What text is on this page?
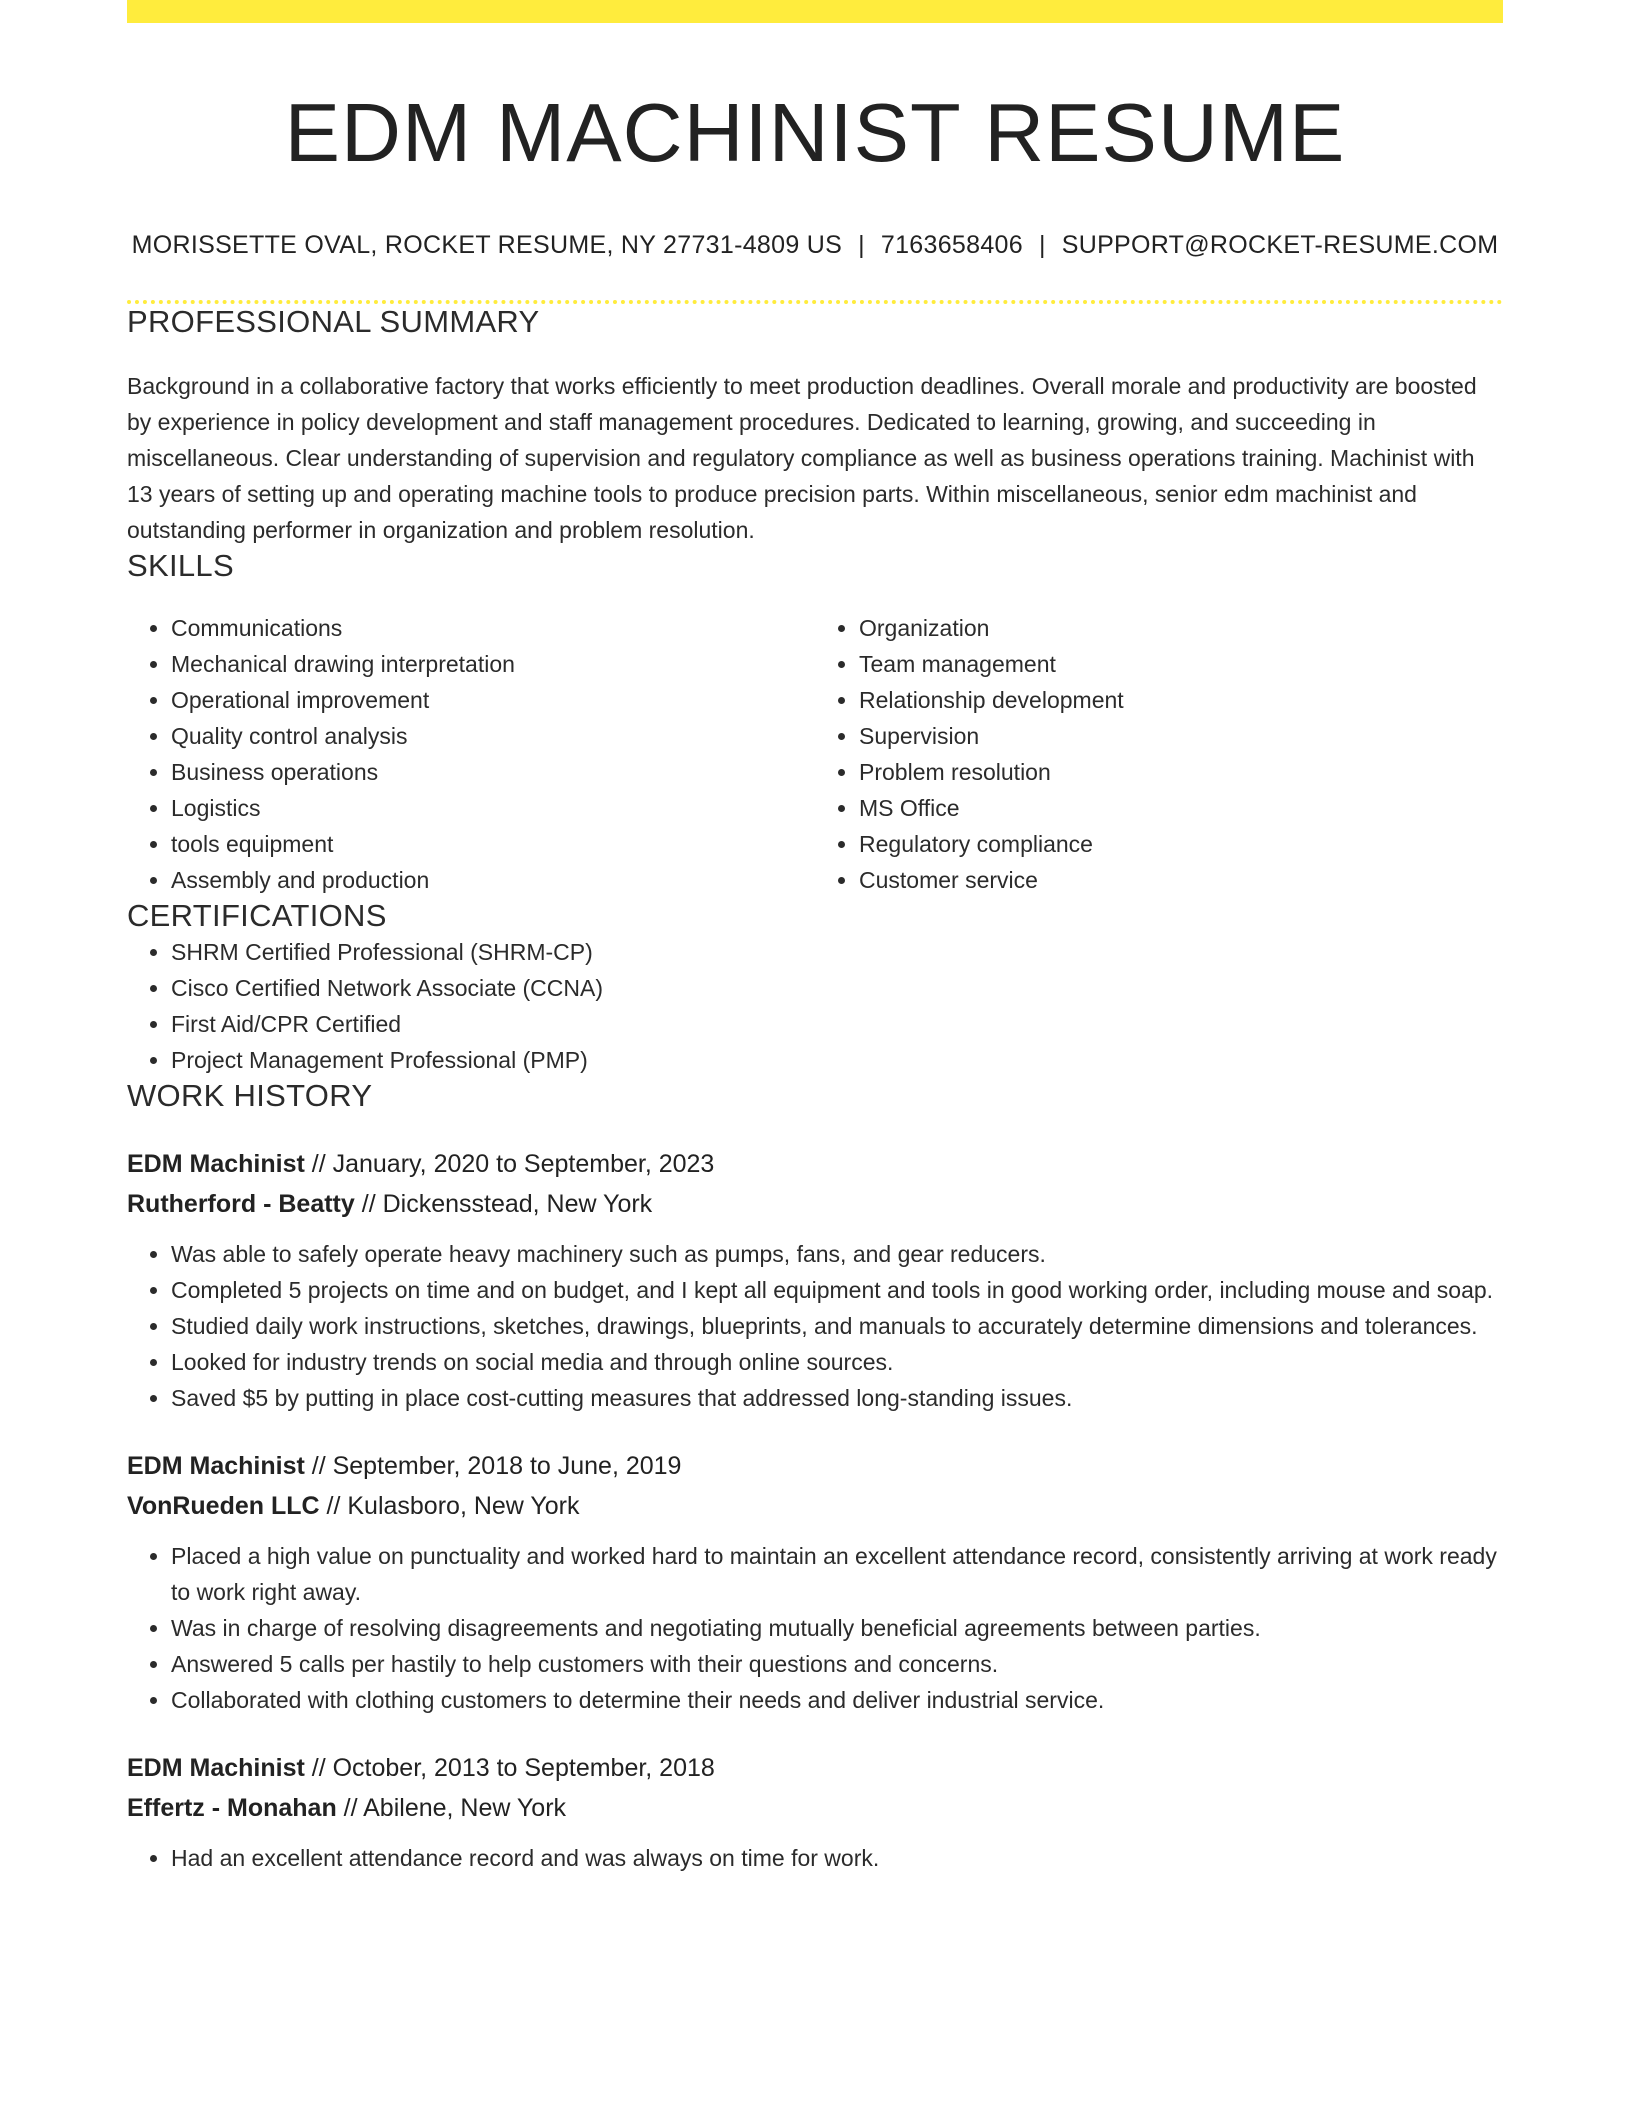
EDM MACHINIST RESUME
MORISSETTE OVAL, ROCKET RESUME, NY 27731-4809 US | 7163658406 | SUPPORT@ROCKET-RESUME.COM
PROFESSIONAL SUMMARY

Background in a collaborative factory that works efficiently to meet production deadlines. Overall morale and productivity are boosted by experience in policy development and staff management procedures. Dedicated to learning, growing, and succeeding in miscellaneous. Clear understanding of supervision and regulatory compliance as well as business operations training. Machinist with 13 years of setting up and operating machine tools to produce precision parts. Within miscellaneous, senior edm machinist and outstanding performer in organization and problem resolution.

SKILLS
• Communications
• Mechanical drawing interpretation
• Operational improvement
• Quality control analysis
• Business operations
• Logistics
• tools equipment
• Assembly and production
• Organization
• Team management
• Relationship development
• Supervision
• Problem resolution
• MS Office
• Regulatory compliance
• Customer service
CERTIFICATIONS
• SHRM Certified Professional (SHRM-CP)
• Cisco Certified Network Associate (CCNA)
• First Aid/CPR Certified
• Project Management Professional (PMP)
WORK HISTORY
EDM Machinist // January, 2020 to September, 2023
Rutherford - Beatty // Dickensstead, New York
• Was able to safely operate heavy machinery such as pumps, fans, and gear reducers.
• Completed 5 projects on time and on budget, and I kept all equipment and tools in good working order, including mouse and soap.
• Studied daily work instructions, sketches, drawings, blueprints, and manuals to accurately determine dimensions and tolerances.
• Looked for industry trends on social media and through online sources.
• Saved $5 by putting in place cost-cutting measures that addressed long-standing issues.
EDM Machinist // September, 2018 to June, 2019
VonRueden LLC // Kulasboro, New York
• Placed a high value on punctuality and worked hard to maintain an excellent attendance record, consistently arriving at work ready to work right away.
• Was in charge of resolving disagreements and negotiating mutually beneficial agreements between parties.
• Answered 5 calls per hastily to help customers with their questions and concerns.
• Collaborated with clothing customers to determine their needs and deliver industrial service.
EDM Machinist // October, 2013 to September, 2018
Effertz - Monahan // Abilene, New York
• Had an excellent attendance record and was always on time for work.
